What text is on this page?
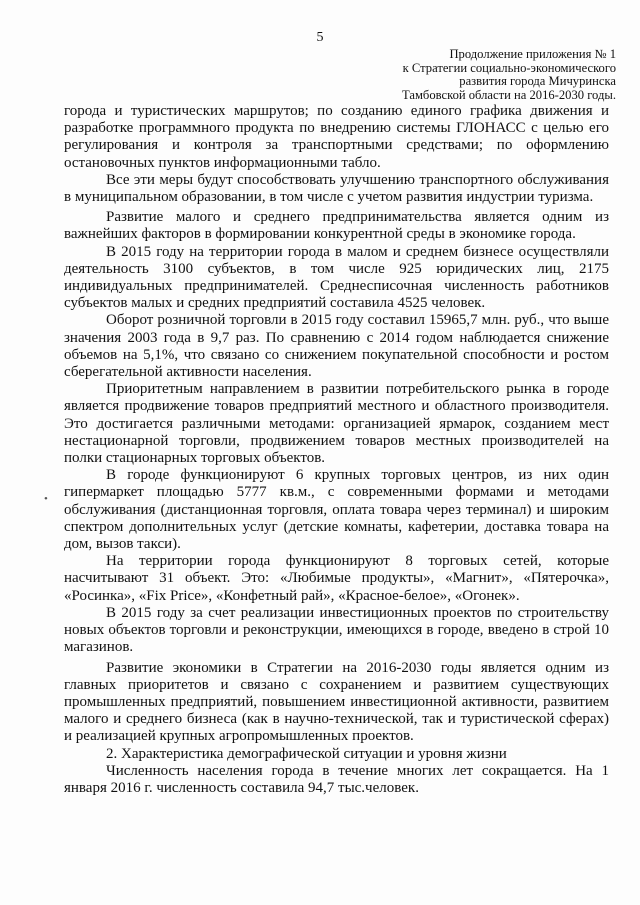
5
Продолжение приложения № 1
к Стратегии социально-экономического
развития города Мичуринска
Тамбовской области на 2016-2030 годы.

города и туристических маршрутов; по созданию единого графика движения и разработке программного продукта по внедрению системы ГЛОНАСС с целью его регулирования и контроля за транспортными средствами; по оформлению остановочных пунктов информационными табло.

Все эти меры будут способствовать улучшению транспортного обслуживания в муниципальном образовании, в том числе с учетом развития индустрии туризма.

Развитие малого и среднего предпринимательства является одним из важнейших факторов в формировании конкурентной среды в экономике города.

В 2015 году на территории города в малом и среднем бизнесе осуществляли деятельность 3100 субъектов, в том числе 925 юридических лиц, 2175 индивидуальных предпринимателей. Среднесписочная численность работников субъектов малых и средних предприятий составила 4525 человек.

Оборот розничной торговли в 2015 году составил 15965,7 млн. руб., что выше значения 2003 года в 9,7 раз. По сравнению с 2014 годом наблюдается снижение объемов на 5,1%, что связано со снижением покупательной способности и ростом сберегательной активности населения.

Приоритетным направлением в развитии потребительского рынка в городе является продвижение товаров предприятий местного и областного производителя. Это достигается различными методами: организацией ярмарок, созданием мест нестационарной торговли, продвижением товаров местных производителей на полки стационарных торговых объектов.

В городе функционируют 6 крупных торговых центров, из них один гипермаркет площадью 5777 кв.м., с современными формами и методами обслуживания (дистанционная торговля, оплата товара через терминал) и широким спектром дополнительных услуг (детские комнаты, кафетерии, доставка товара на дом, вызов такси).

На территории города функционируют 8 торговых сетей, которые насчитывают 31 объект. Это: «Любимые продукты», «Магнит», «Пятерочка», «Росинка», «Fix Price», «Конфетный рай», «Красное-белое», «Огонек».

В 2015 году за счет реализации инвестиционных проектов по строительству новых объектов торговли и реконструкции, имеющихся в городе, введено в строй 10 магазинов.

Развитие экономики в Стратегии на 2016-2030 годы является одним из главных приоритетов и связано с сохранением и развитием существующих промышленных предприятий, повышением инвестиционной активности, развитием малого и среднего бизнеса (как в научно-технической, так и туристической сферах) и реализацией крупных агропромышленных проектов.

2. Характеристика демографической ситуации и уровня жизни

Численность населения города в течение многих лет сокращается. На 1 января 2016 г. численность составила 94,7 тыс.человек.

•
